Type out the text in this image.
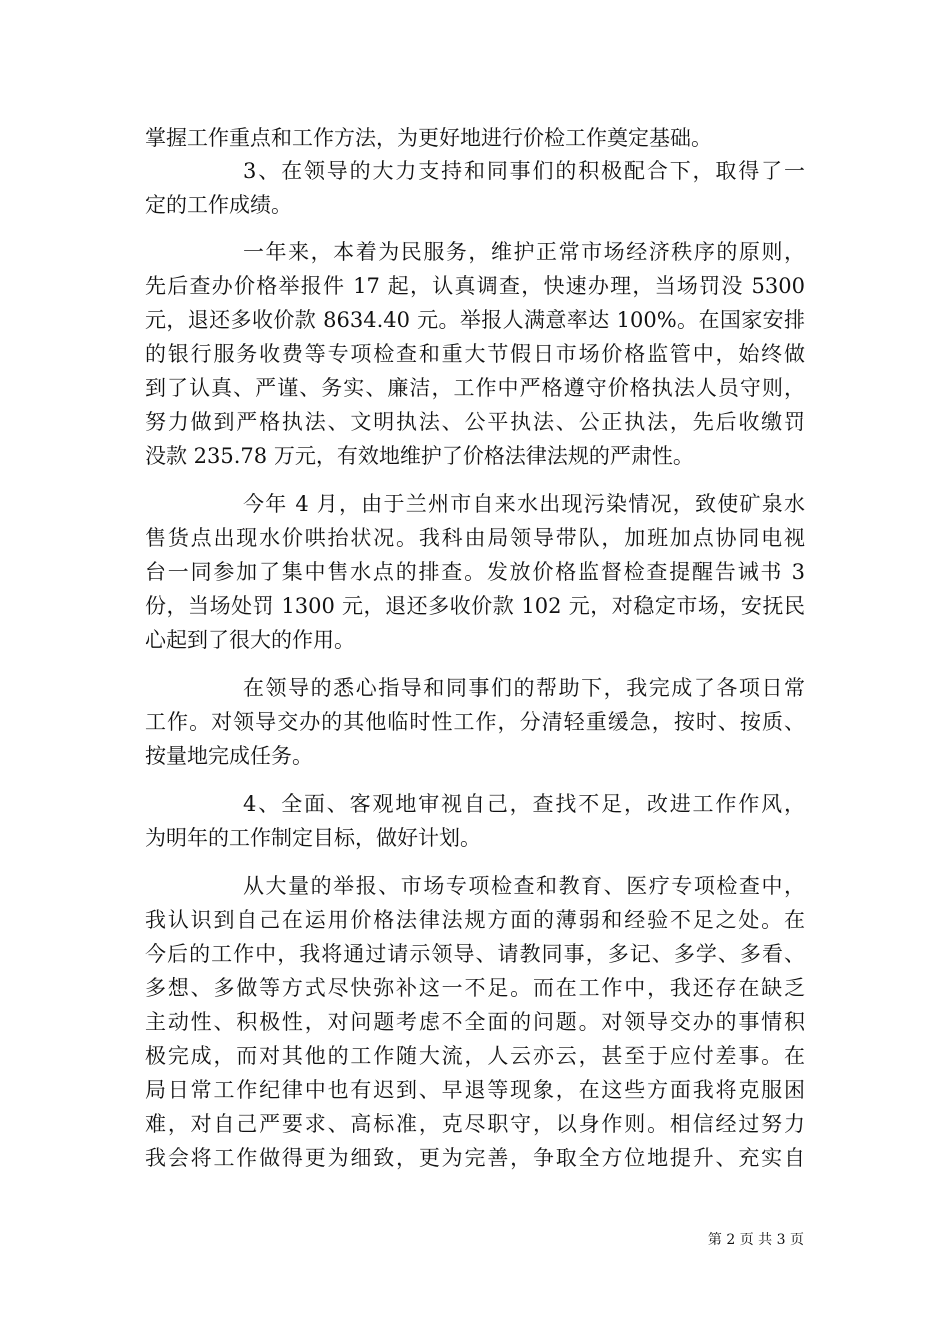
掌握工作重点和工作方法，为更好地进行价检工作奠定基础。
3、在领导的大力支持和同事们的积极配合下，取得了一
定的工作成绩。
一年来，本着为民服务，维护正常市场经济秩序的原则，
先后查办价格举报件 17 起，认真调查，快速办理，当场罚没 5300
元，退还多收价款 8634.40 元。举报人满意率达 100%。在国家安排
的银行服务收费等专项检查和重大节假日市场价格监管中，始终做
到了认真、严谨、务实、廉洁，工作中严格遵守价格执法人员守则，
努力做到严格执法、文明执法、公平执法、公正执法，先后收缴罚
没款 235.78 万元，有效地维护了价格法律法规的严肃性。
今年 4 月，由于兰州市自来水出现污染情况，致使矿泉水
售货点出现水价哄抬状况。我科由局领导带队，加班加点协同电视
台一同参加了集中售水点的排查。发放价格监督检查提醒告诫书 3
份，当场处罚 1300 元，退还多收价款 102 元，对稳定市场，安抚民
心起到了很大的作用。
在领导的悉心指导和同事们的帮助下，我完成了各项日常
工作。对领导交办的其他临时性工作，分清轻重缓急，按时、按质、
按量地完成任务。
4、全面、客观地审视自己，查找不足，改进工作作风，
为明年的工作制定目标，做好计划。
从大量的举报、市场专项检查和教育、医疗专项检查中，
我认识到自己在运用价格法律法规方面的薄弱和经验不足之处。在
今后的工作中，我将通过请示领导、请教同事，多记、多学、多看、
多想、多做等方式尽快弥补这一不足。而在工作中，我还存在缺乏
主动性、积极性，对问题考虑不全面的问题。对领导交办的事情积
极完成，而对其他的工作随大流，人云亦云，甚至于应付差事。在
局日常工作纪律中也有迟到、早退等现象，在这些方面我将克服困
难，对自己严要求、高标准，克尽职守，以身作则。相信经过努力
我会将工作做得更为细致，更为完善，争取全方位地提升、充实自
第 2 页 共 3 页
